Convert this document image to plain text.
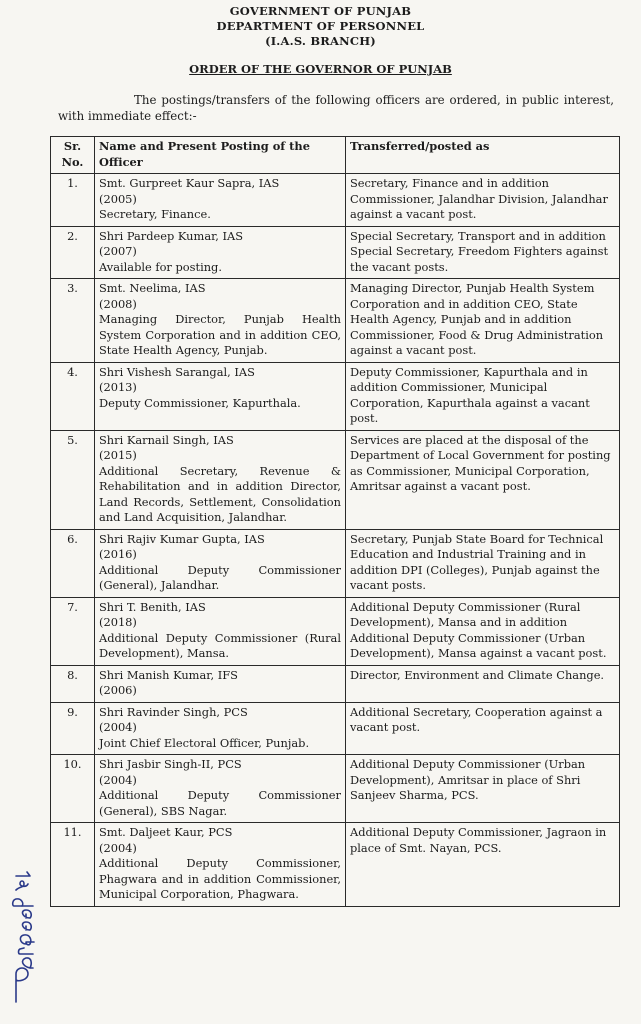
GOVERNMENT OF PUNJAB
DEPARTMENT OF PERSONNEL
(I.A.S. BRANCH)
ORDER OF THE GOVERNOR OF PUNJAB
The postings/transfers of the following officers are ordered, in public interest, with immediate effect:-
Sr. No.	Name and Present Posting of the Officer	Transferred/posted as
1.	Smt. Gurpreet Kaur Sapra, IAS
(2005)
Secretary, Finance.	Secretary, Finance and in addition Commissioner, Jalandhar Division, Jalandhar against a vacant post.
2.	Shri Pardeep Kumar, IAS
(2007)
Available for posting.	Special Secretary, Transport and in addition Special Secretary, Freedom Fighters against the vacant posts.
3.	Smt. Neelima, IAS
(2008)
Managing Director, Punjab Health System Corporation and in addition CEO, State Health Agency, Punjab.	Managing Director, Punjab Health System Corporation and in addition CEO, State Health Agency, Punjab and in addition Commissioner, Food & Drug Administration against a vacant post.
4.	Shri Vishesh Sarangal, IAS
(2013)
Deputy Commissioner, Kapurthala.	Deputy Commissioner, Kapurthala and in addition Commissioner, Municipal Corporation, Kapurthala against a vacant post.
5.	Shri Karnail Singh, IAS
(2015)
Additional Secretary, Revenue & Rehabilitation and in addition Director, Land Records, Settlement, Consolidation and Land Acquisition, Jalandhar.	Services are placed at the disposal of the Department of Local Government for posting as Commissioner, Municipal Corporation, Amritsar against a vacant post.
6.	Shri Rajiv Kumar Gupta, IAS
(2016)
Additional Deputy Commissioner (General), Jalandhar.	Secretary, Punjab State Board for Technical Education and Industrial Training and in addition DPI (Colleges), Punjab against the vacant posts.
7.	Shri T. Benith, IAS
(2018)
Additional Deputy Commissioner (Rural Development), Mansa.	Additional Deputy Commissioner (Rural Development), Mansa and in addition Additional Deputy Commissioner (Urban Development), Mansa against a vacant post.
8.	Shri Manish Kumar, IFS
(2006)	Director, Environment and Climate Change.
9.	Shri Ravinder Singh, PCS
(2004)
Joint Chief Electoral Officer, Punjab.	Additional Secretary, Cooperation against a vacant post.
10.	Shri Jasbir Singh-II, PCS
(2004)
Additional Deputy Commissioner (General), SBS Nagar.	Additional Deputy Commissioner (Urban Development), Amritsar in place of Shri Sanjeev Sharma, PCS.
11.	Smt. Daljeet Kaur, PCS
(2004)
Additional Deputy Commissioner, Phagwara and in addition Commissioner, Municipal Corporation, Phagwara.	Additional Deputy Commissioner, Jagraon in place of Smt. Nayan, PCS.
